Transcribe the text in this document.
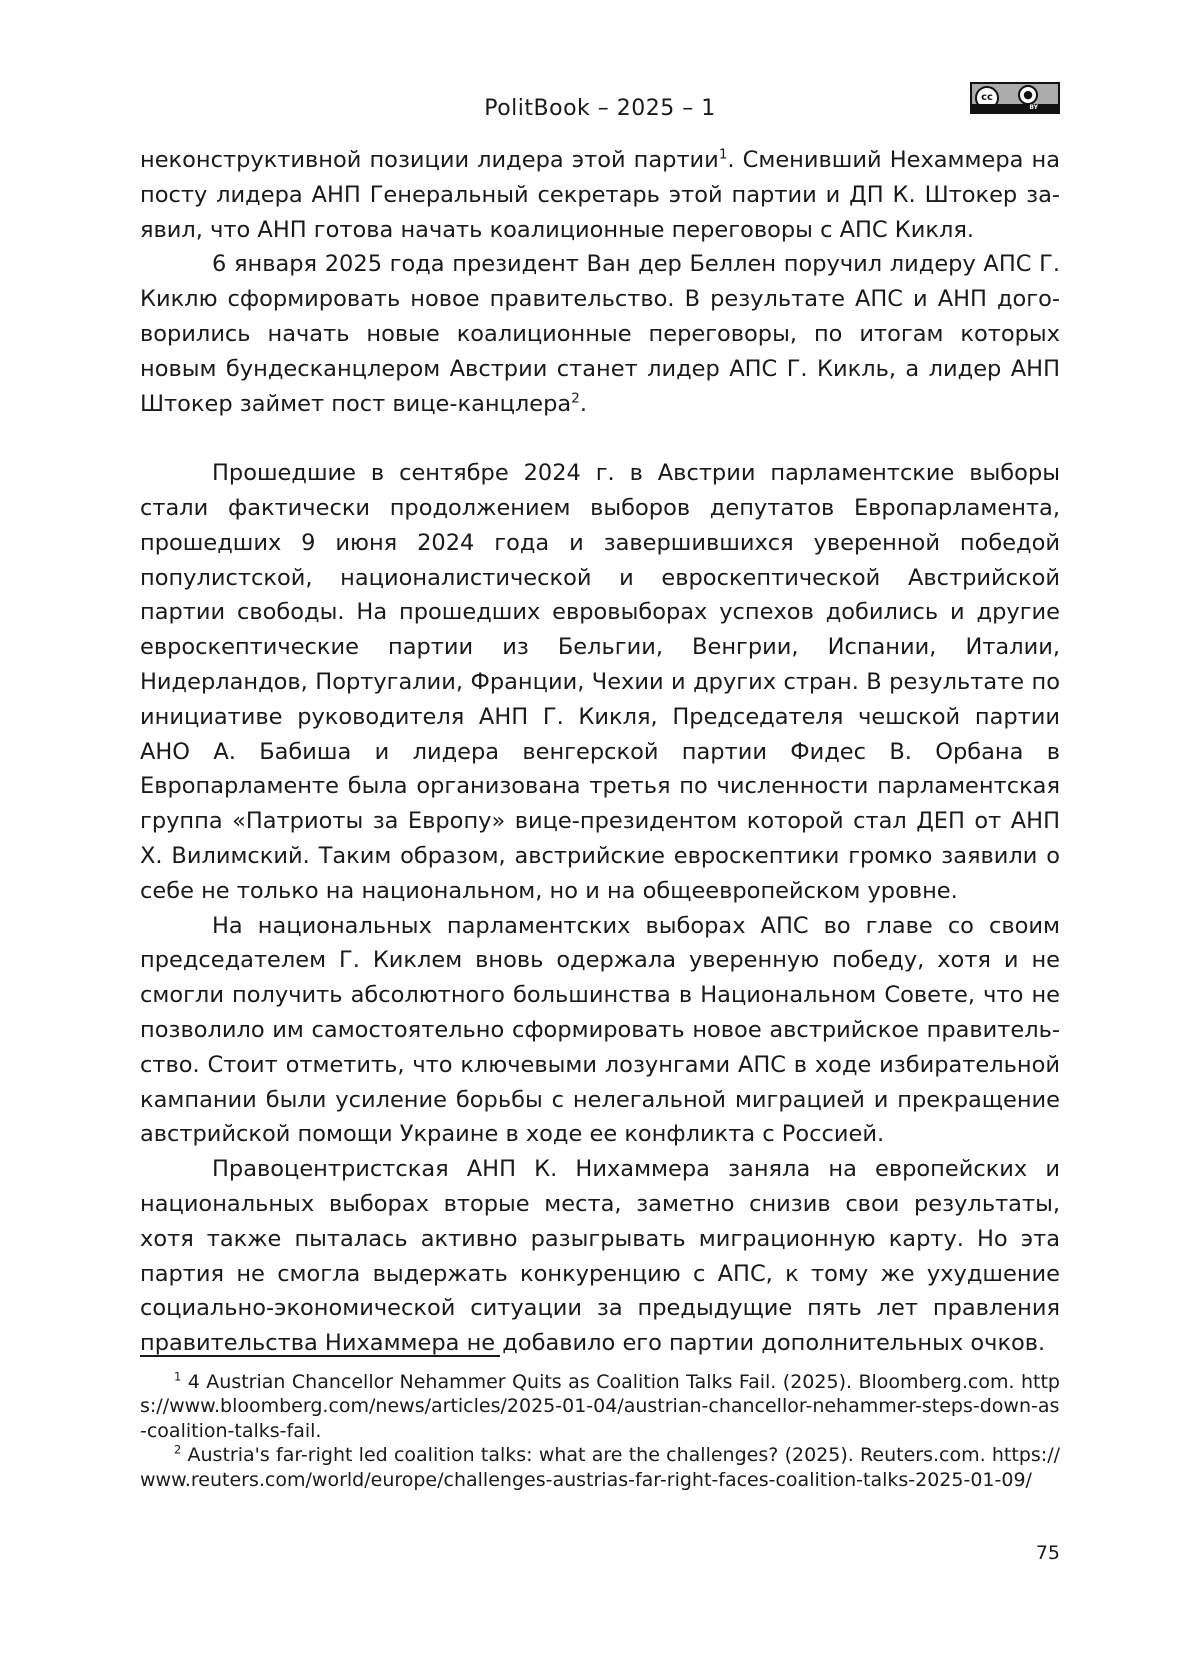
PolitBook – 2025 – 1	cc	●
BY

неконструктивной позиции лидера этой партии$^1$. Сменивший Нехаммера на посту лидера АНП Генеральный секретарь этой партии и ДП К. Штокер заявил, что АНП готова начать коалиционные переговоры с АПС Кикля.

6 января 2025 года президент Ван дер Беллен поручил лидеру АПС Г. Киклю сформировать новое правительство. В результате АПС и АНП договорились начать новые коалиционные переговоры, по итогам которых новым бундесканцлером Австрии станет лидер АПС Г. Кикль, а лидер АНП Штокер займет пост вице-канцлера$^2$.

Прошедшие в сентябре 2024 г. в Австрии парламентские выборы стали фактически продолжением выборов депутатов Европарламента, прошедших 9 июня 2024 года и завершившихся уверенной победой популистской, националистической и евроскептической Австрийской партии свободы. На прошедших евровыборах успехов добились и другие евроскептические партии из Бельгии, Венгрии, Испании, Италии, Нидерландов, Португалии, Франции, Чехии и других стран. В результате по инициативе руководителя АНП Г. Кикля, Председателя чешской партии АНО А. Бабиша и лидера венгерской партии Фидес В. Орбана в Европарламенте была организована третья по численности парламентская группа «Патриоты за Европу» вице-президентом которой стал ДЕП от АНП Х. Вилимский. Таким образом, австрийские евроскептики громко заявили о себе не только на национальном, но и на общеевропейском уровне.

На национальных парламентских выборах АПС во главе со своим председателем Г. Киклем вновь одержала уверенную победу, хотя и не смогли получить абсолютного большинства в Национальном Совете, что не позволило им самостоятельно сформировать новое австрийское правительство. Стоит отметить, что ключевыми лозунгами АПС в ходе избирательной кампании были усиление борьбы с нелегальной миграцией и прекращение австрийской помощи Украине в ходе ее конфликта с Россией.

Правоцентристская АНП К. Нихаммера заняла на европейских и национальных выборах вторые места, заметно снизив свои результаты, хотя также пыталась активно разыгрывать миграционную карту. Но эта партия не смогла выдержать конкуренцию с АПС, к тому же ухудшение социально-экономической ситуации за предыдущие пять лет правления правительства Нихаммера не добавило его партии дополнительных очков.

$^1$ 4 Austrian Chancellor Nehammer Quits as Coalition Talks Fail. (2025). Bloomberg.com. https://www.bloomberg.com/news/articles/2025-01-04/austrian-chancellor-nehammer-steps-down-as-coalition-talks-fail.

$^2$ Austria's far-right led coalition talks: what are the challenges? (2025). Reuters.com. https://www.reuters.com/world/europe/challenges-austrias-far-right-faces-coalition-talks-2025-01-09/

75
